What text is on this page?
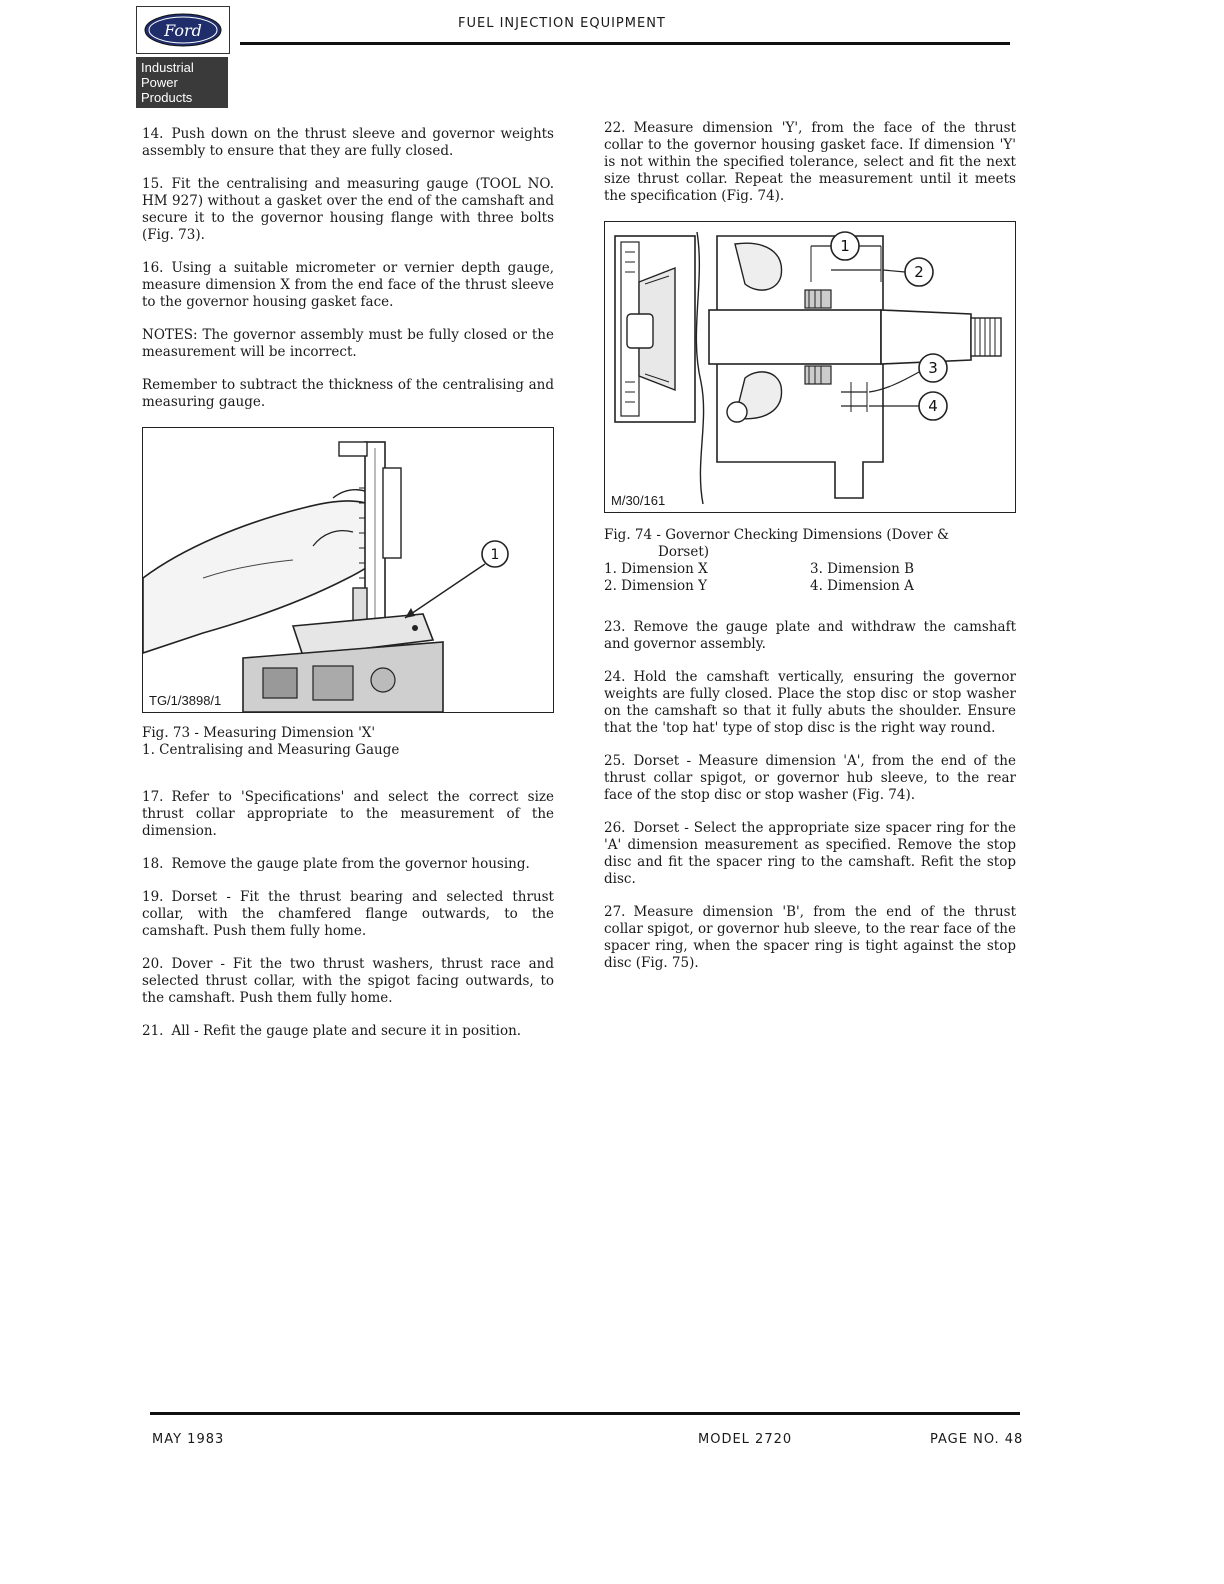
Ford
Industrial
Power
Products
FUEL INJECTION EQUIPMENT

14. Push down on the thrust sleeve and governor weights assembly to ensure that they are fully closed.

15. Fit the centralising and measuring gauge (TOOL NO. HM 927) without a gasket over the end of the camshaft and secure it to the governor housing flange with three bolts (Fig. 73).

16. Using a suitable micrometer or vernier depth gauge, measure dimension X from the end face of the thrust sleeve to the governor housing gasket face.

NOTES: The governor assembly must be fully closed or the measurement will be incorrect.

Remember to subtract the thickness of the centralising and measuring gauge.

1
TG/1/3898/1

Fig. 73 - Measuring Dimension 'X'

1. Centralising and Measuring Gauge

17. Refer to 'Specifications' and select the correct size thrust collar appropriate to the measurement of the dimension.

18. Remove the gauge plate from the governor housing.

19. Dorset - Fit the thrust bearing and selected thrust collar, with the chamfered flange outwards, to the camshaft. Push them fully home.

20. Dover - Fit the two thrust washers, thrust race and selected thrust collar, with the spigot facing outwards, to the camshaft. Push them fully home.

21. All - Refit the gauge plate and secure it in position.

22. Measure dimension 'Y', from the face of the thrust collar to the governor housing gasket face. If dimension 'Y' is not within the specified tolerance, select and fit the next size thrust collar. Repeat the measurement until it meets the specification (Fig. 74).

1
2
3
4
M/30/161

Fig. 74 - Governor Checking Dimensions (Dover &

Dorset)

1. Dimension X	3. Dimension B
2. Dimension Y	4. Dimension A

23. Remove the gauge plate and withdraw the camshaft and governor assembly.

24. Hold the camshaft vertically, ensuring the governor weights are fully closed. Place the stop disc or stop washer on the camshaft so that it fully abuts the shoulder. Ensure that the 'top hat' type of stop disc is the right way round.

25. Dorset - Measure dimension 'A', from the end of the thrust collar spigot, or governor hub sleeve, to the rear face of the stop disc or stop washer (Fig. 74).

26. Dorset - Select the appropriate size spacer ring for the 'A' dimension measurement as specified. Remove the stop disc and fit the spacer ring to the camshaft. Refit the stop disc.

27. Measure dimension 'B', from the end of the thrust collar spigot, or governor hub sleeve, to the rear face of the spacer ring, when the spacer ring is tight against the stop disc (Fig. 75).

MAY 1983	MODEL 2720	PAGE NO. 48
